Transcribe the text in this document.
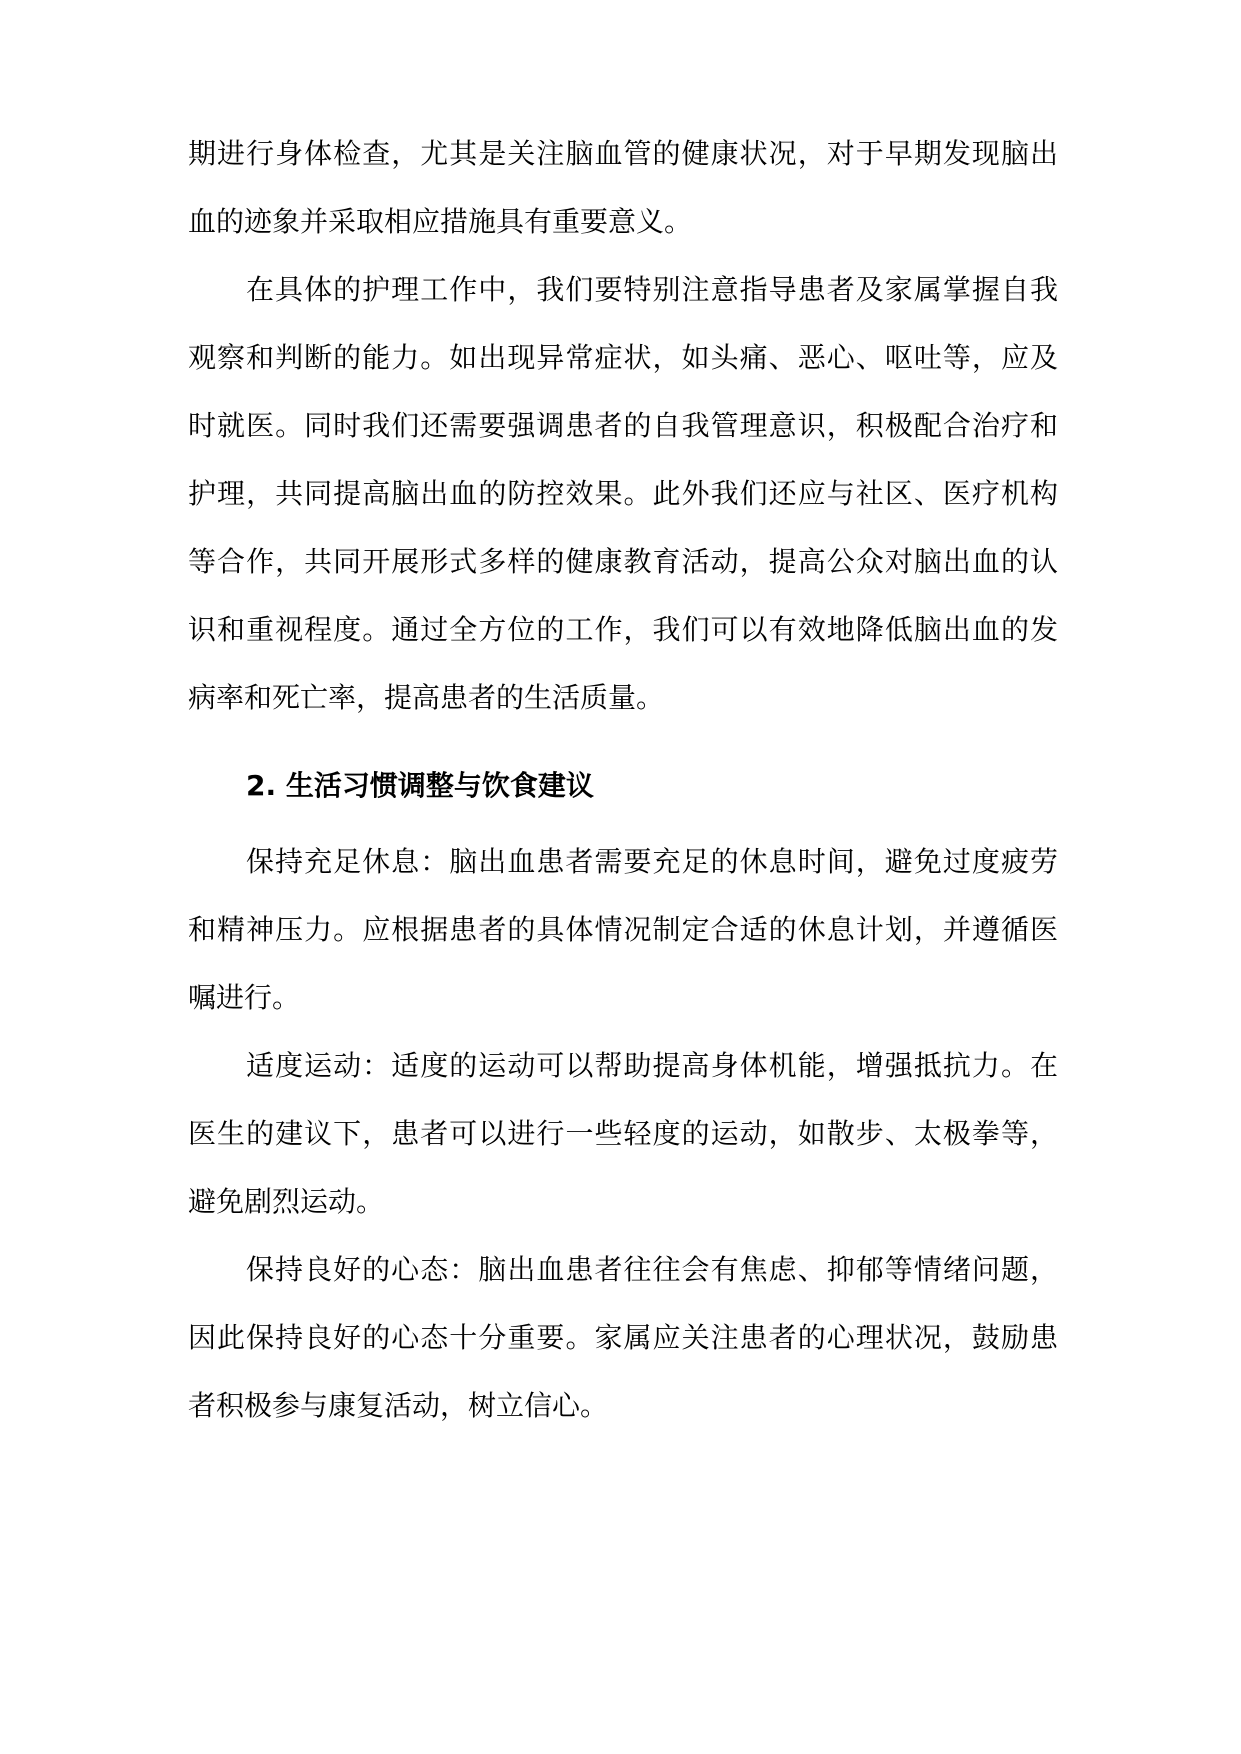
期进行身体检查，尤其是关注脑血管的健康状况，对于早期发现脑出
血的迹象并采取相应措施具有重要意义。
在具体的护理工作中，我们要特别注意指导患者及家属掌握自我
观察和判断的能力。如出现异常症状，如头痛、恶心、呕吐等，应及
时就医。同时我们还需要强调患者的自我管理意识，积极配合治疗和
护理，共同提高脑出血的防控效果。此外我们还应与社区、医疗机构
等合作，共同开展形式多样的健康教育活动，提高公众对脑出血的认
识和重视程度。通过全方位的工作，我们可以有效地降低脑出血的发
病率和死亡率，提高患者的生活质量。
2. 生活习惯调整与饮食建议
保持充足休息：脑出血患者需要充足的休息时间，避免过度疲劳
和精神压力。应根据患者的具体情况制定合适的休息计划，并遵循医
嘱进行。
适度运动：适度的运动可以帮助提高身体机能，增强抵抗力。在
医生的建议下，患者可以进行一些轻度的运动，如散步、太极拳等，
避免剧烈运动。
保持良好的心态：脑出血患者往往会有焦虑、抑郁等情绪问题，
因此保持良好的心态十分重要。家属应关注患者的心理状况，鼓励患
者积极参与康复活动，树立信心。
